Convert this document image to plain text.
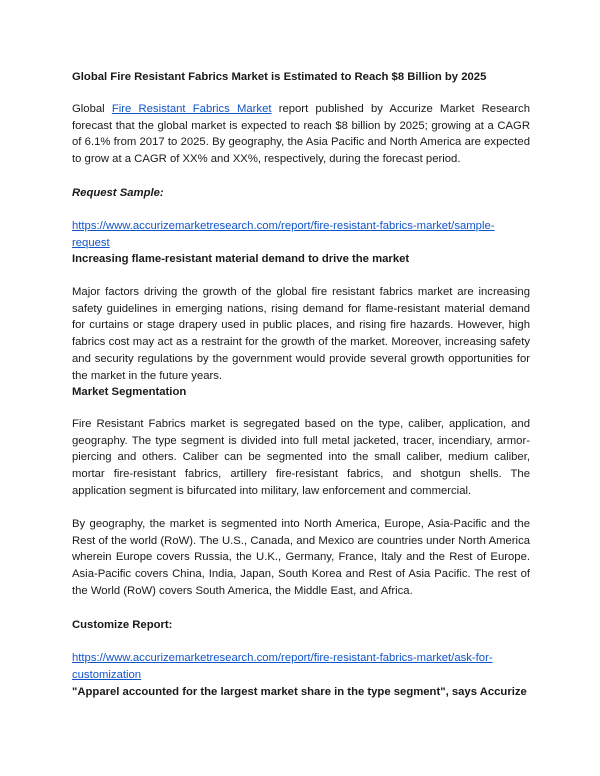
Global Fire Resistant Fabrics Market is Estimated to Reach $8 Billion by 2025
Global Fire Resistant Fabrics Market report published by Accurize Market Research forecast that the global market is expected to reach $8 billion by 2025; growing at a CAGR of 6.1% from 2017 to 2025. By geography, the Asia Pacific and North America are expected to grow at a CAGR of XX% and XX%, respectively, during the forecast period.
Request Sample:
https://www.accurizemarketresearch.com/report/fire-resistant-fabrics-market/sample-request
Increasing flame-resistant material demand to drive the market
Major factors driving the growth of the global fire resistant fabrics market are increasing safety guidelines in emerging nations, rising demand for flame-resistant material demand for curtains or stage drapery used in public places, and rising fire hazards. However, high fabrics cost may act as a restraint for the growth of the market. Moreover, increasing safety and security regulations by the government would provide several growth opportunities for the market in the future years.
Market Segmentation
Fire Resistant Fabrics market is segregated based on the type, caliber, application, and geography. The type segment is divided into full metal jacketed, tracer, incendiary, armor-piercing and others. Caliber can be segmented into the small caliber, medium caliber, mortar fire-resistant fabrics, artillery fire-resistant fabrics, and shotgun shells. The application segment is bifurcated into military, law enforcement and commercial.
By geography, the market is segmented into North America, Europe, Asia-Pacific and the Rest of the world (RoW). The U.S., Canada, and Mexico are countries under North America wherein Europe covers Russia, the U.K., Germany, France, Italy and the Rest of Europe. Asia-Pacific covers China, India, Japan, South Korea and Rest of Asia Pacific. The rest of the World (RoW) covers South America, the Middle East, and Africa.
Customize Report:
https://www.accurizemarketresearch.com/report/fire-resistant-fabrics-market/ask-for-customization
"Apparel accounted for the largest market share in the type segment", says Accurize
